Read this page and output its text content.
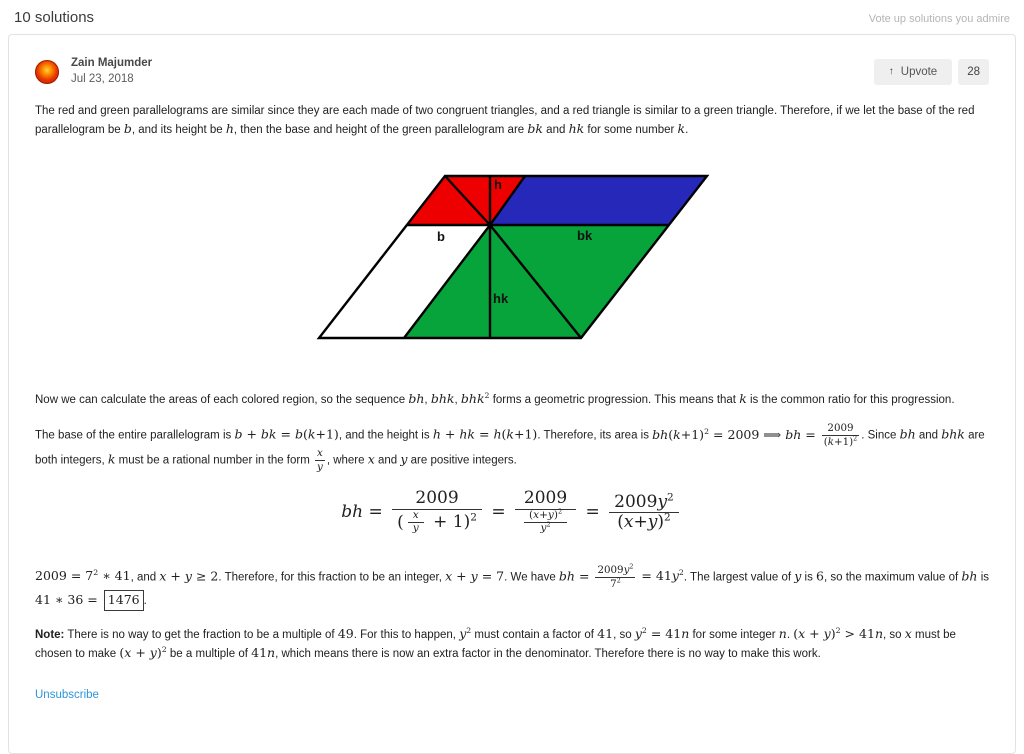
10 solutions	Vote up solutions you admire
Zain Majumder
Jul 23, 2018
↑ Upvote	28

The red and green parallelograms are similar since they are each made of two congruent triangles, and a red triangle is similar to a green triangle. Therefore, if we let the base of the red parallelogram be b, and its height be h, then the base and height of the green parallelogram are bk and hk for some number k.

h
b	bk
hk

Now we can calculate the areas of each colored region, so the sequence bh, bhk, bhk$^2$ forms a geometric progression. This means that k is the common ratio for this progression.

The base of the entire parallelogram is b + bk = b(k+1), and the height is h + hk = h(k+1). Therefore, its area is $bh(k+1)^2 = 2009$ ⟹ bh = $\frac{2009}{(k+1)^2}$ . Since bh and bhk are both integers, k must be a rational number in the form $\frac{x}{y}$ , where x and y are positive integers.

bh = $\frac{2009}{( \frac{x}{y} + 1)^2} = \frac{2009}{\frac{(x+y)^2}{y^2}} = \frac{2009y^2}{(x+y)^2}$

$2009 = 7^2$ ∗ 41, and x + y ≥ 2. Therefore, for this fraction to be an integer, x + y = 7. We have bh = $\frac{2009y^2}{7^2} = 41y^2$. The largest value of y is 6, so the maximum value of bh is 41 ∗ 36 = 1476 .

Note: There is no way to get the fraction to be a multiple of 49. For this to happen, $y^2$ must contain a factor of 41, so $y^2 = 41n$ for some integer n. $(x + y)^2 > 41n$, so x must be chosen to make $(x + y)^2$ be a multiple of 41n, which means there is now an extra factor in the denominator. Therefore there is no way to make this work.

Unsubscribe
